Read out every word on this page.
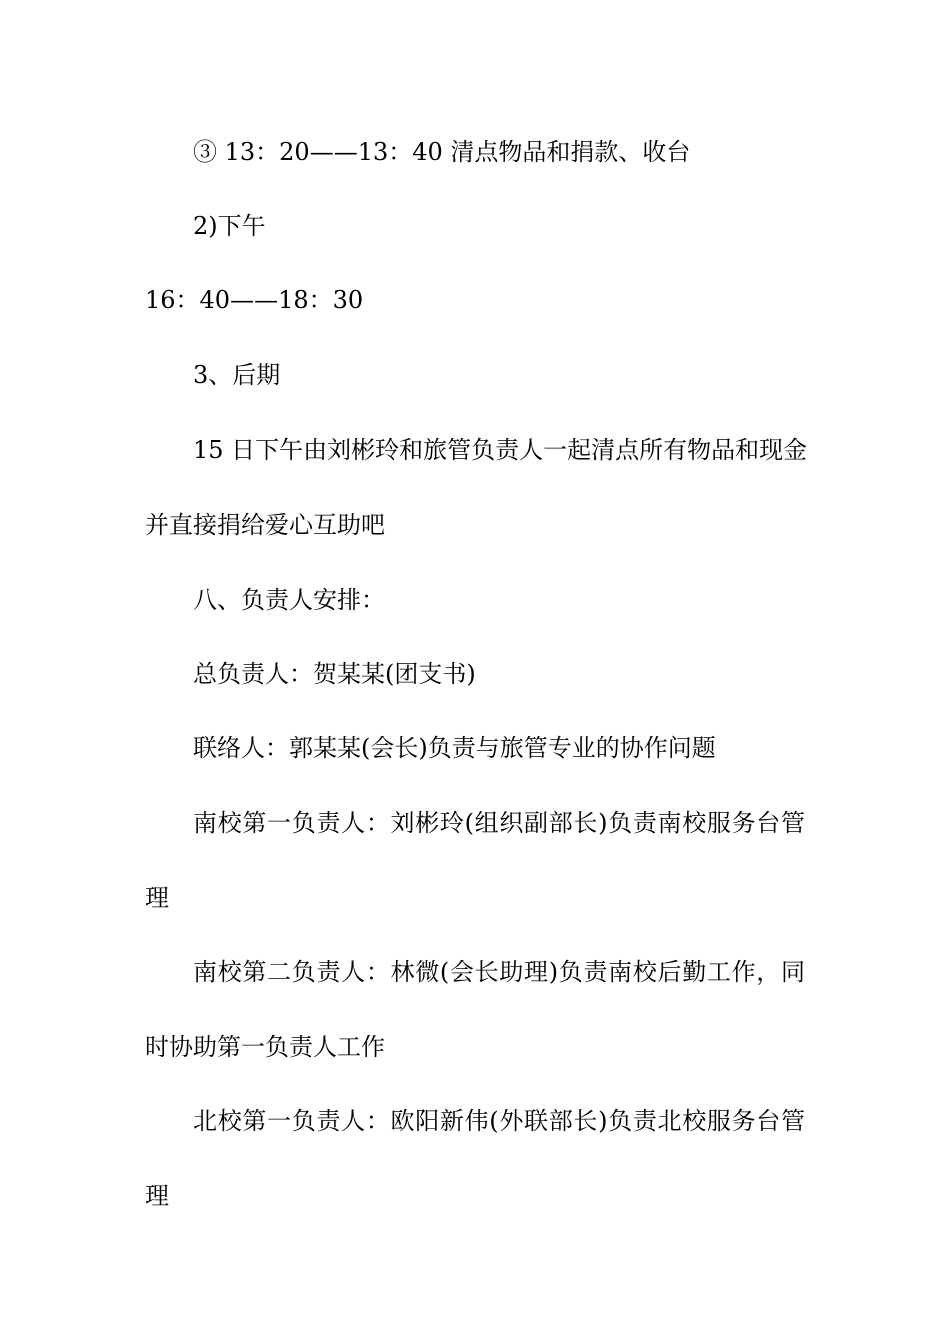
③ 13：20——13：40 清点物品和捐款、收台
2)下午
16：40——18：30
3、后期
15 日下午由刘彬玲和旅管负责人一起清点所有物品和现金
并直接捐给爱心互助吧
八、负责人安排：
总负责人：贺某某(团支书)
联络人：郭某某(会长)负责与旅管专业的协作问题
南校第一负责人：刘彬玲(组织副部长)负责南校服务台管
理
南校第二负责人：林微(会长助理)负责南校后勤工作，同
时协助第一负责人工作
北校第一负责人：欧阳新伟(外联部长)负责北校服务台管
理
